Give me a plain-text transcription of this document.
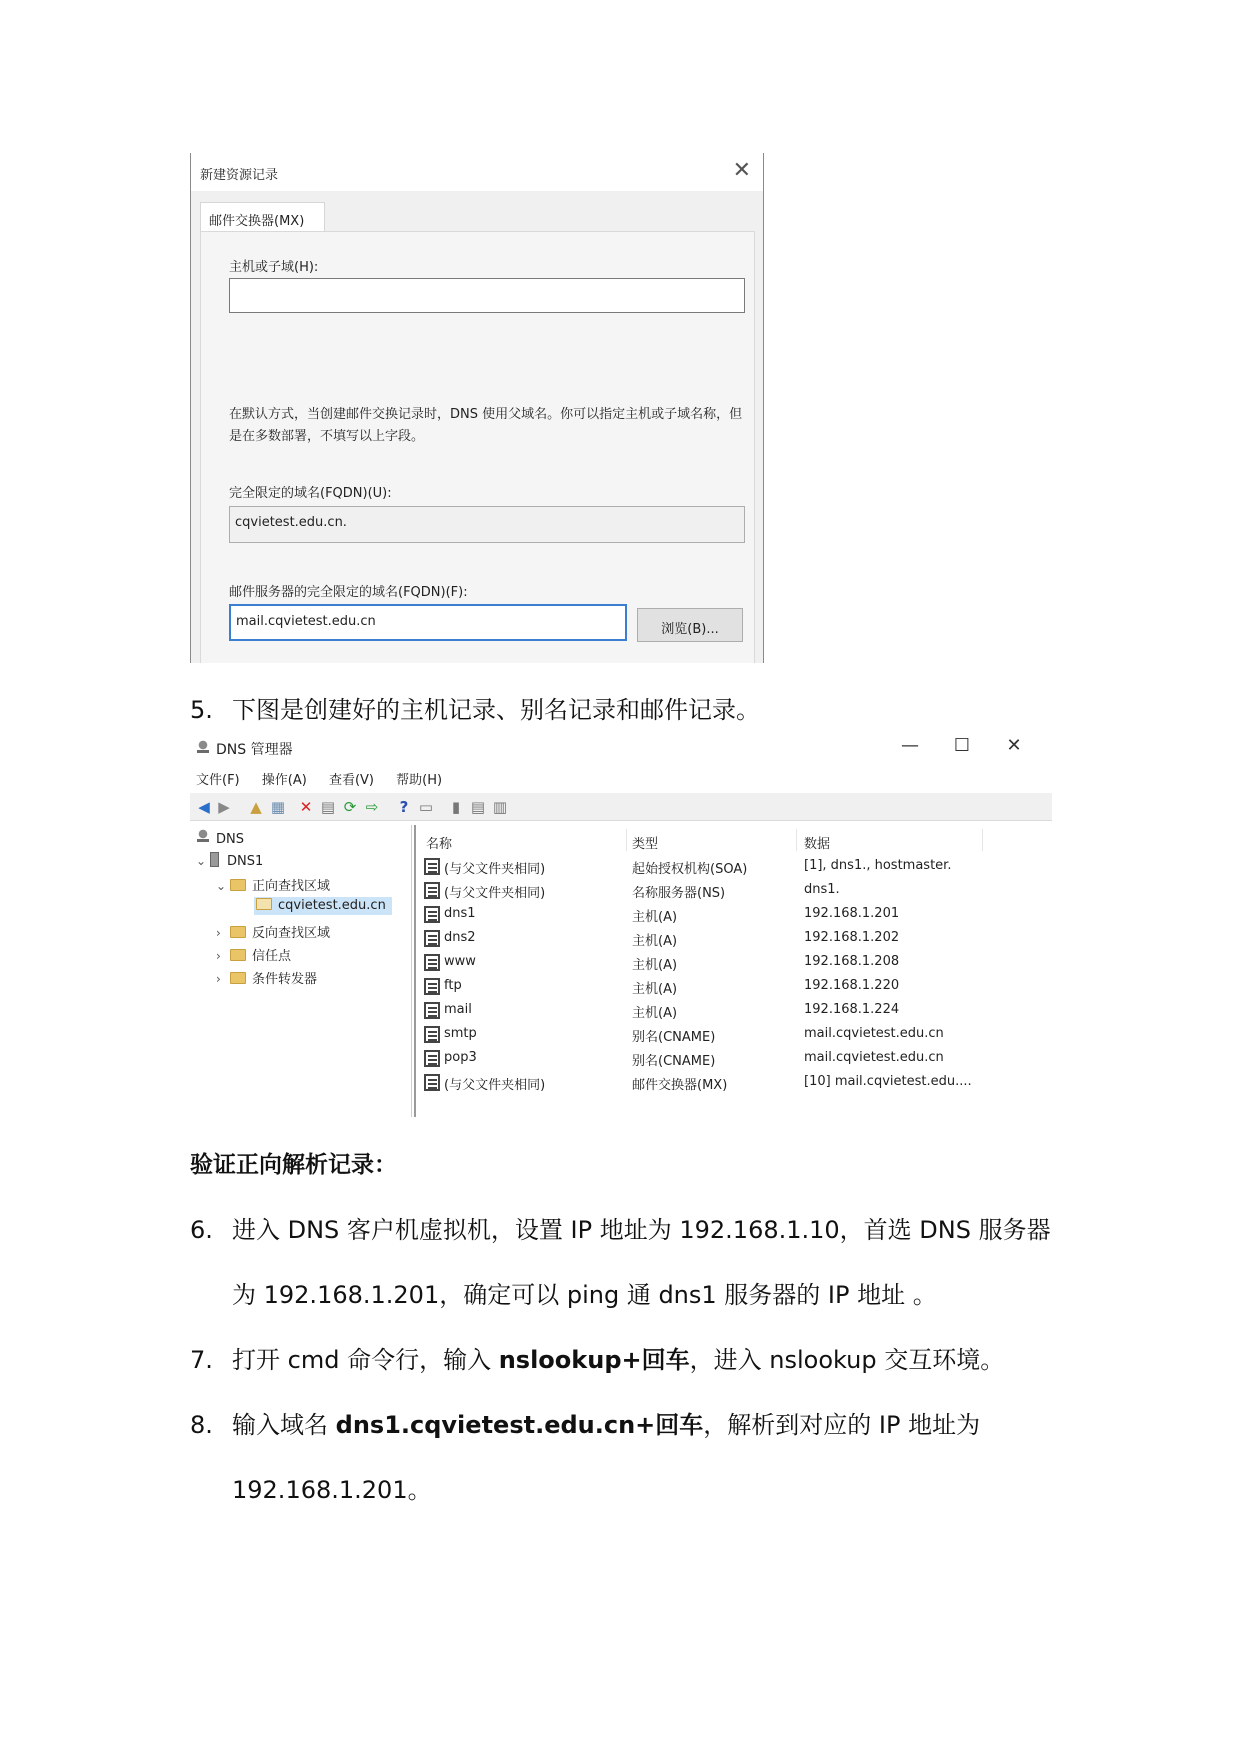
新建资源记录	✕
邮件交换器(MX)
主机或子域(H):
在默认方式，当创建邮件交换记录时，DNS 使用父域名。你可以指定主机或子域名称，但是在多数部署，不填写以上字段。
完全限定的域名(FQDN)(U):
cqvietest.edu.cn.
邮件服务器的完全限定的域名(FQDN)(F):
mail.cqvietest.edu.cn
浏览(B)...
5. 下图是创建好的主机记录、别名记录和邮件记录。
DNS 管理器	— ☐ ✕
文件(F) 操作(A) 查看(V) 帮助(H)
◀ ▶ ▲ ▦ ✕ ▤ ⟳ ⇨ ? ▭ ▮ ▤ ▥
DNS
⌄ DNS1
⌄ 正向查找区域
cqvietest.edu.cn
› 反向查找区域
› 信任点
› 条件转发器
名称	类型	数据
(与父文件夹相同)	起始授权机构(SOA)	[1], dns1., hostmaster.
(与父文件夹相同)	名称服务器(NS)	dns1.
dns1	主机(A)	192.168.1.201
dns2	主机(A)	192.168.1.202
www	主机(A)	192.168.1.208
ftp	主机(A)	192.168.1.220
mail	主机(A)	192.168.1.224
smtp	别名(CNAME)	mail.cqvietest.edu.cn
pop3	别名(CNAME)	mail.cqvietest.edu.cn
(与父文件夹相同)	邮件交换器(MX)	[10] mail.cqvietest.edu....
验证正向解析记录：
6. 进入 DNS 客户机虚拟机，设置 IP 地址为 192.168.1.10，首选 DNS 服务器
为 192.168.1.201，确定可以 ping 通 dns1 服务器的 IP 地址 。
7. 打开 cmd 命令行，输入 nslookup+回车，进入 nslookup 交互环境。
8. 输入域名 dns1.cqvietest.edu.cn+回车，解析到对应的 IP 地址为
192.168.1.201。
